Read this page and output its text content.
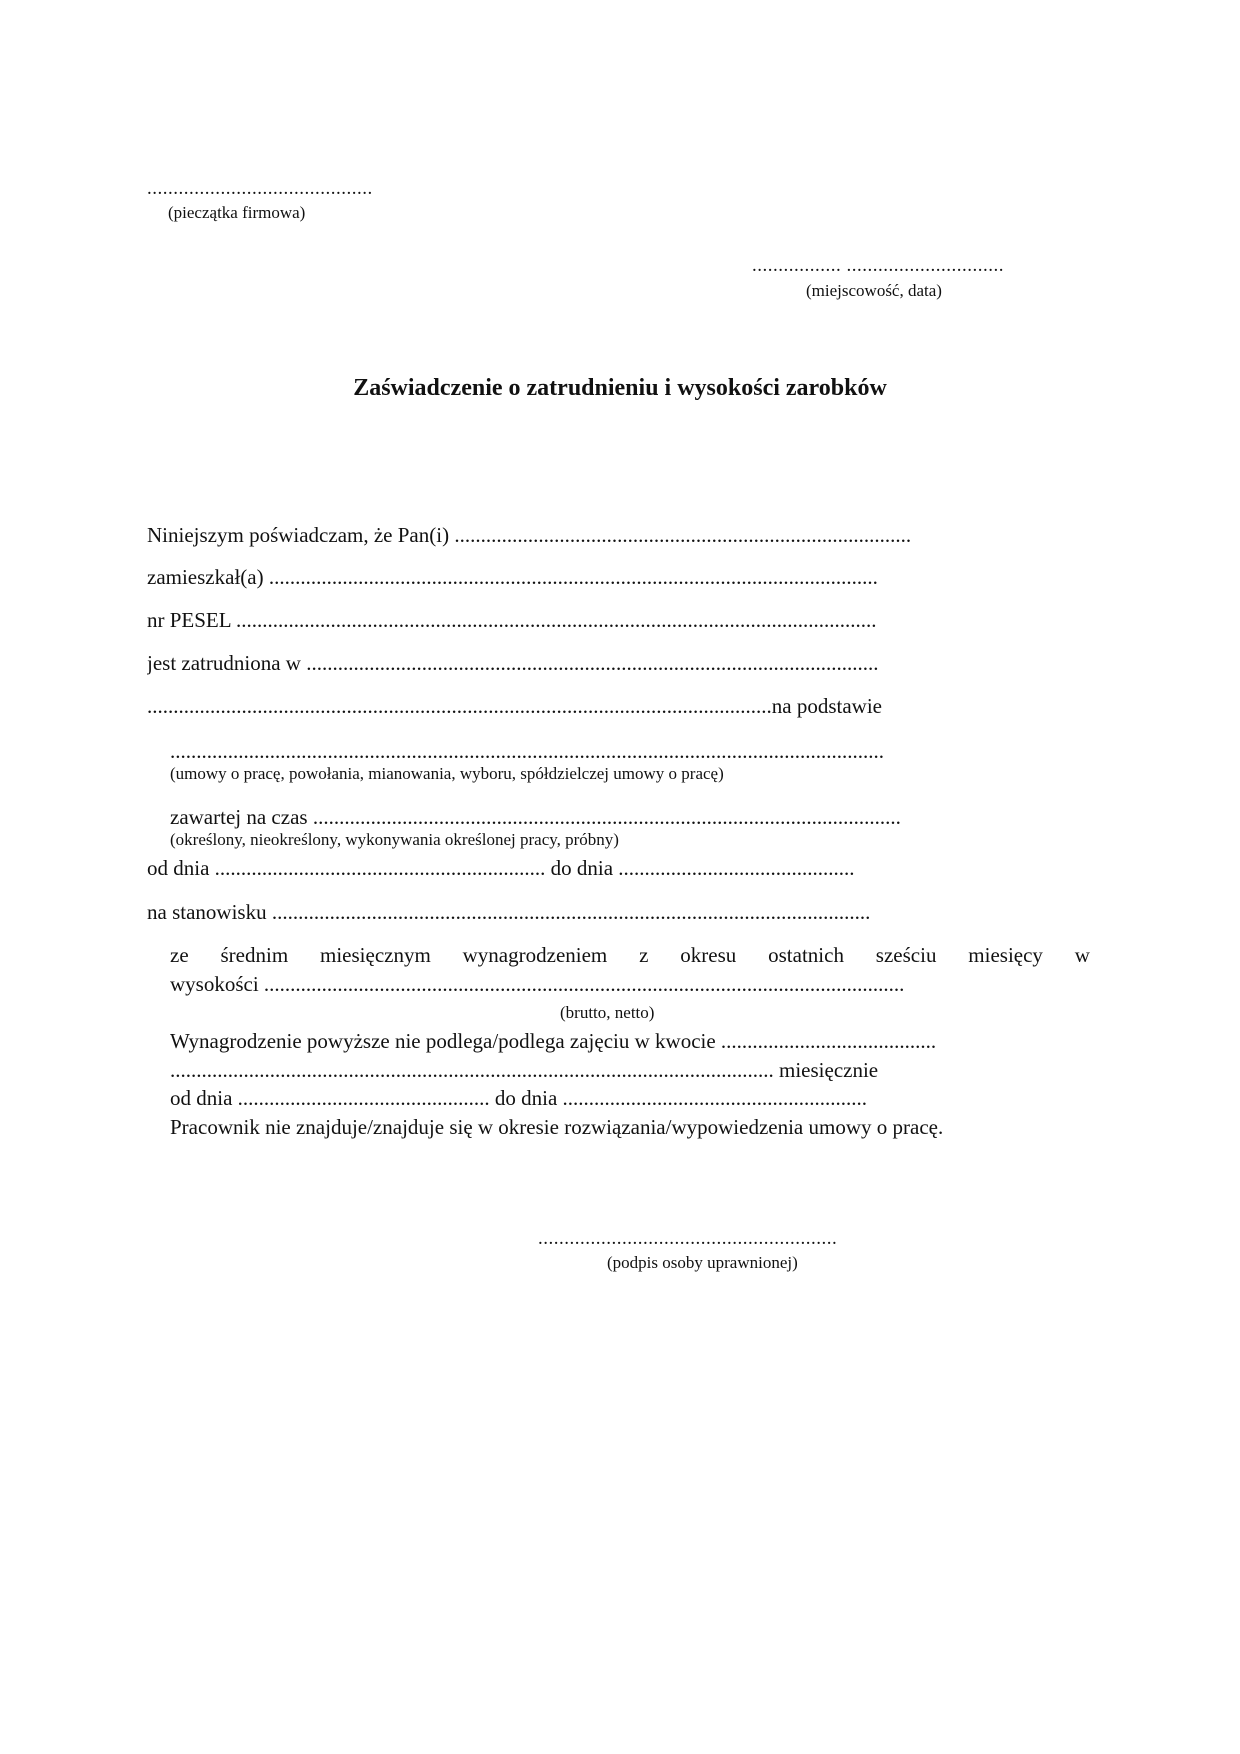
...........................................
(pieczątka firmowa)
................. ..............................
(miejscowość, data)
Zaświadczenie o zatrudnieniu i wysokości zarobków
Niniejszym poświadczam, że Pan(i) .......................................................................................
zamieszkał(a) ....................................................................................................................
nr PESEL ..........................................................................................................................
jest zatrudniona w .............................................................................................................
.......................................................................................................................na podstawie
........................................................................................................................................
(umowy o pracę, powołania, mianowania, wyboru, spółdzielczej umowy o pracę)
zawartej na czas ................................................................................................................
(określony, nieokreślony, wykonywania określonej pracy, próbny)
od dnia ............................................................... do dnia .............................................
na stanowisku ..................................................................................................................
ze średnim miesięcznym wynagrodzeniem z okresu ostatnich sześciu miesięcy w
wysokości ..........................................................................................................................
(brutto, netto)
Wynagrodzenie powyższe nie podlega/podlega zajęciu w kwocie .........................................
................................................................................................................... miesięcznie
od dnia ................................................ do dnia ..........................................................
Pracownik nie znajduje/znajduje się w okresie rozwiązania/wypowiedzenia umowy o pracę.
.........................................................
(podpis osoby uprawnionej)
